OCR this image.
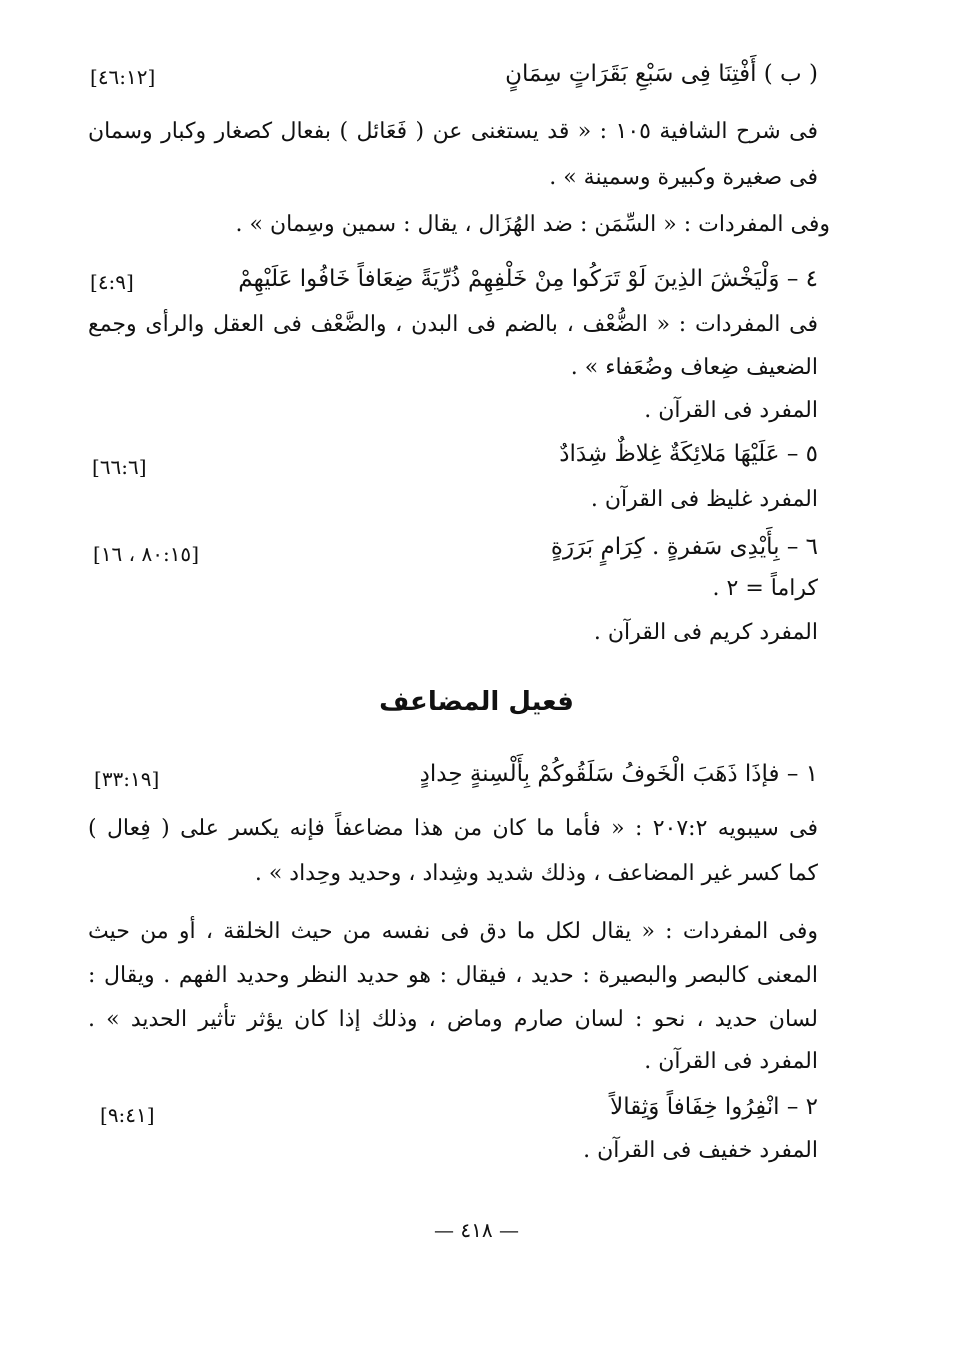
( ب ) أَفْتِنَا فِى سَبْعِ بَقَرَاتٍ سِمَانٍ
[٤٦:١٢]
فى شرح الشافية ١٠٥ : « قد يستغنى عن ( فَعَائل ) بفعال كصغار وكبار وسمان
فى صغيرة وكبيرة وسمينة » .
وفى المفردات : « السِّمَن : ضد الهُزَال ، يقال : سمين وسِمان » .
٤ – وَلْيَخْشَ الذِينَ لَوْ تَرَكُوا مِنْ خَلْفِهِمْ ذُرِّيَةً ضِعَافاً خَافُوا عَلَيْهِمْ
[٤:٩]
فى المفردات : « الضُّعْف ، بالضم فى البدن ، والضَّعْف فى العقل والرأى وجمع
الضعيف ضِعاف وضُعَفاء » .
المفرد فى القرآن .
٥ – عَلَيْهَا مَلائِكَةٌ غِلاظٌ شِدَادٌ
[٦٦:٦]
المفرد غليظ فى القرآن .
٦ – بِأَيْدِى سَفرةٍ . كِرَامٍ بَرَرَةٍ
[٨٠:١٥ ، ١٦]
كراماً = ٢ .
المفرد كريم فى القرآن .
فعيل المضاعف
١ – فإذَا ذَهَبَ الْخَوفُ سَلَقُوكُمْ بِأَلْسِنةٍ حِدادٍ
[٣٣:١٩]
فى سيبويه ٢٠٧:٢ : « فأما ما كان من هذا مضاعفاً فإنه يكسر على ( فِعال )
كما كسر غير المضاعف ، وذلك شديد وشِداد ، وحديد وحِداد » .
وفى المفردات : « يقال لكل ما دق فى نفسه من حيث الخلقة ، أو من حيث
المعنى كالبصر والبصيرة : حديد ، فيقال : هو حديد النظر وحديد الفهم . ويقال :
لسان حديد ، نحو : لسان صارم وماض ، وذلك إذا كان يؤثر تأثير الحديد » .
المفرد فى القرآن .
٢ – انْفِرُوا خِفَافاً وَثِقالاً
[٩:٤١]
المفرد خفيف فى القرآن .
— ٤١٨ —
